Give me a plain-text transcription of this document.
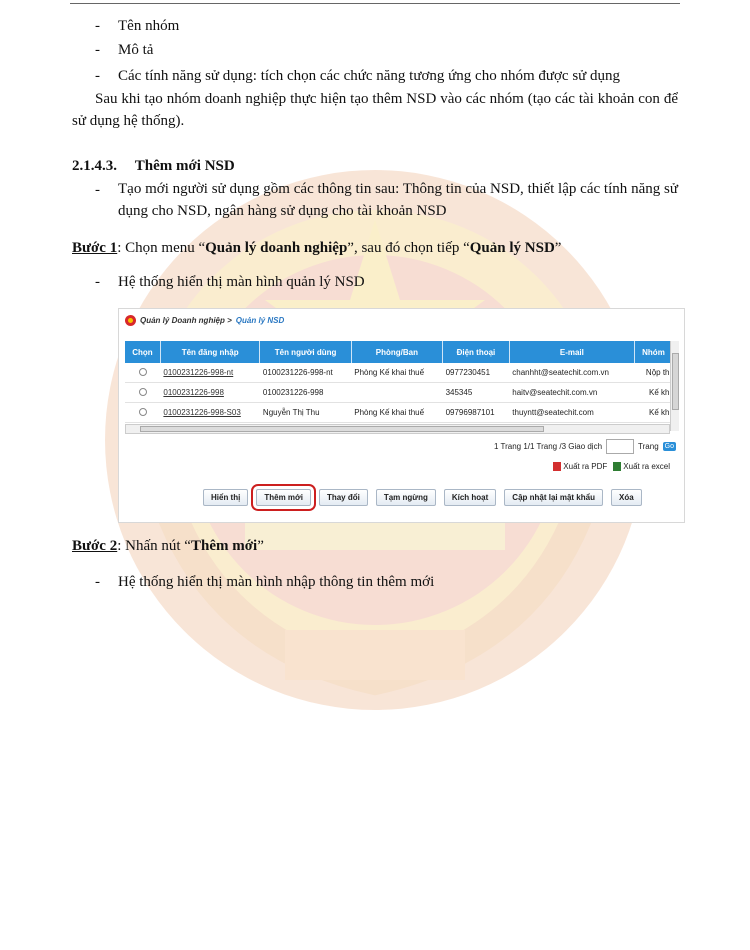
- Tên nhóm
- Mô tả
- Các tính năng sử dụng: tích chọn các chức năng tương ứng cho nhóm được sử dụng

Sau khi tạo nhóm doanh nghiệp thực hiện tạo thêm NSD vào các nhóm (tạo các tài khoản con để sử dụng hệ thống).

2.1.4.3. Thêm mới NSD
- Tạo mới người sử dụng gồm các thông tin sau: Thông tin của NSD, thiết lập các tính năng sử dụng cho NSD, ngân hàng sử dụng cho tài khoản NSD

Bước 1: Chọn menu “Quản lý doanh nghiệp”, sau đó chọn tiếp “Quản lý NSD”
- Hệ thống hiển thị màn hình quản lý NSD
Quản lý Doanh nghiệp > Quản lý NSD
Chọn	Tên đăng nhập	Tên người dùng	Phòng/Ban	Điện thoại	E-mail	Nhóm
	0100231226-998-nt	0100231226-998-nt	Phòng Kế khai thuế	0977230451	chanhht@seatechit.com.vn	Nộp th
	0100231226-998	0100231226-998		345345	haitv@seatechit.com.vn	Kế kh
	0100231226-998-S03	Nguyễn Thị Thu	Phòng Kế khai thuế	09796987101	thuyntt@seatechit.com	Kế kh
1 Trang 1/1 Trang /3 Giao dịch	Trang Go
Xuất ra PDF	Xuất ra excel
Hiển thị	Thêm mới	Thay đổi	Tạm ngừng	Kích hoạt	Cập nhật lại mật khẩu	Xóa
Bước 2: Nhấn nút “Thêm mới”
- Hệ thống hiển thị màn hình nhập thông tin thêm mới
